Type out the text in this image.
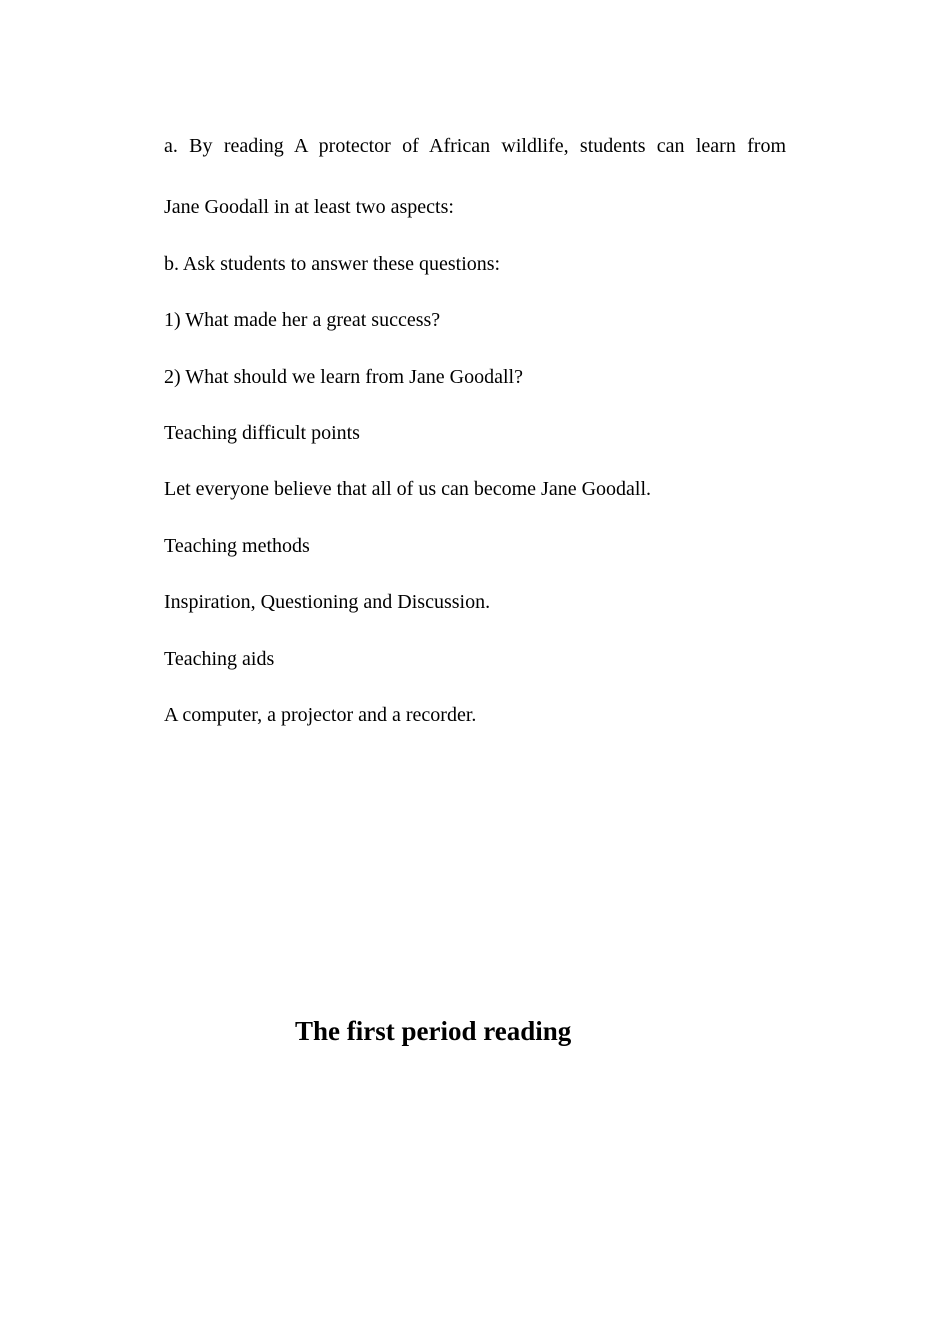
a. By reading A protector of African wildlife, students can learn from
Jane Goodall in at least two aspects:
b. Ask students to answer these questions:
1) What made her a great success?
2) What should we learn from Jane Goodall?
Teaching difficult points
Let everyone believe that all of us can become Jane Goodall.
Teaching methods
Inspiration, Questioning and Discussion.
Teaching aids
A computer, a projector and a recorder.
The first period reading
